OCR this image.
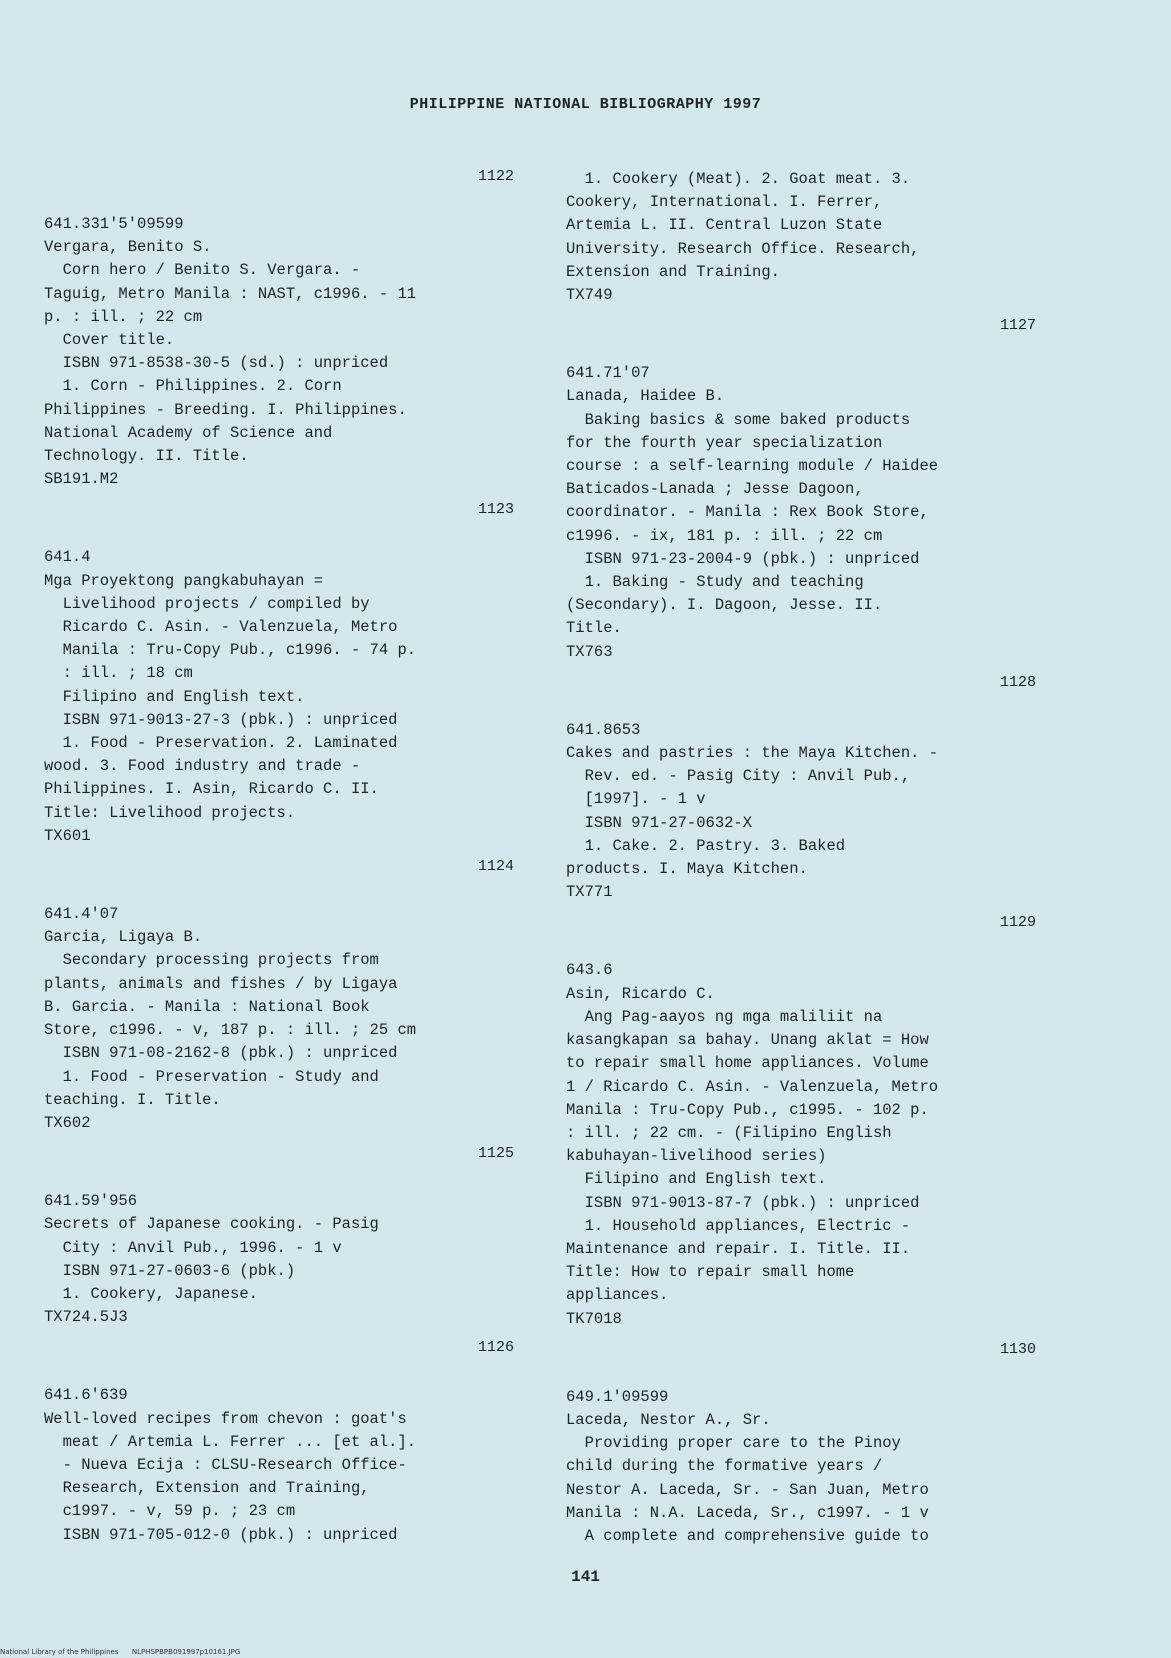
PHILIPPINE NATIONAL BIBLIOGRAPHY 1997
1122
641.331'5'09599
Vergara, Benito S.
Corn hero / Benito S. Vergara. -
Taguig, Metro Manila : NAST, c1996. - 11
p. : ill. ; 22 cm
Cover title.
ISBN 971-8538-30-5 (sd.) : unpriced
1. Corn - Philippines. 2. Corn
Philippines - Breeding. I. Philippines.
National Academy of Science and
Technology. II. Title.
SB191.M2
1123
641.4
Mga Proyektong pangkabuhayan =
Livelihood projects / compiled by
Ricardo C. Asin. - Valenzuela, Metro
Manila : Tru-Copy Pub., c1996. - 74 p.
: ill. ; 18 cm
Filipino and English text.
ISBN 971-9013-27-3 (pbk.) : unpriced
1. Food - Preservation. 2. Laminated
wood. 3. Food industry and trade -
Philippines. I. Asin, Ricardo C. II.
Title: Livelihood projects.
TX601
1124
641.4'07
Garcia, Ligaya B.
Secondary processing projects from
plants, animals and fishes / by Ligaya
B. Garcia. - Manila : National Book
Store, c1996. - v, 187 p. : ill. ; 25 cm
ISBN 971-08-2162-8 (pbk.) : unpriced
1. Food - Preservation - Study and
teaching. I. Title.
TX602
1125
641.59'956
Secrets of Japanese cooking. - Pasig
City : Anvil Pub., 1996. - 1 v
ISBN 971-27-0603-6 (pbk.)
1. Cookery, Japanese.
TX724.5J3
1126
641.6'639
Well-loved recipes from chevon : goat's
meat / Artemia L. Ferrer ... [et al.].
- Nueva Ecija : CLSU-Research Office-
Research, Extension and Training,
c1997. - v, 59 p. ; 23 cm
ISBN 971-705-012-0 (pbk.) : unpriced
1. Cookery (Meat). 2. Goat meat. 3.
Cookery, International. I. Ferrer,
Artemia L. II. Central Luzon State
University. Research Office. Research,
Extension and Training.
TX749
1127
641.71'07
Lanada, Haidee B.
Baking basics & some baked products
for the fourth year specialization
course : a self-learning module / Haidee
Baticados-Lanada ; Jesse Dagoon,
coordinator. - Manila : Rex Book Store,
c1996. - ix, 181 p. : ill. ; 22 cm
ISBN 971-23-2004-9 (pbk.) : unpriced
1. Baking - Study and teaching
(Secondary). I. Dagoon, Jesse. II.
Title.
TX763
1128
641.8653
Cakes and pastries : the Maya Kitchen. -
Rev. ed. - Pasig City : Anvil Pub.,
[1997]. - 1 v
ISBN 971-27-0632-X
1. Cake. 2. Pastry. 3. Baked
products. I. Maya Kitchen.
TX771
1129
643.6
Asin, Ricardo C.
Ang Pag-aayos ng mga maliliit na
kasangkapan sa bahay. Unang aklat = How
to repair small home appliances. Volume
1 / Ricardo C. Asin. - Valenzuela, Metro
Manila : Tru-Copy Pub., c1995. - 102 p.
: ill. ; 22 cm. - (Filipino English
kabuhayan-livelihood series)
Filipino and English text.
ISBN 971-9013-87-7 (pbk.) : unpriced
1. Household appliances, Electric -
Maintenance and repair. I. Title. II.
Title: How to repair small home
appliances.
TK7018
1130
649.1'09599
Laceda, Nestor A., Sr.
Providing proper care to the Pinoy
child during the formative years /
Nestor A. Laceda, Sr. - San Juan, Metro
Manila : N.A. Laceda, Sr., c1997. - 1 v
A complete and comprehensive guide to
141
National Library of the Philippines      NLPHSPBPB091997p10161.JPG
